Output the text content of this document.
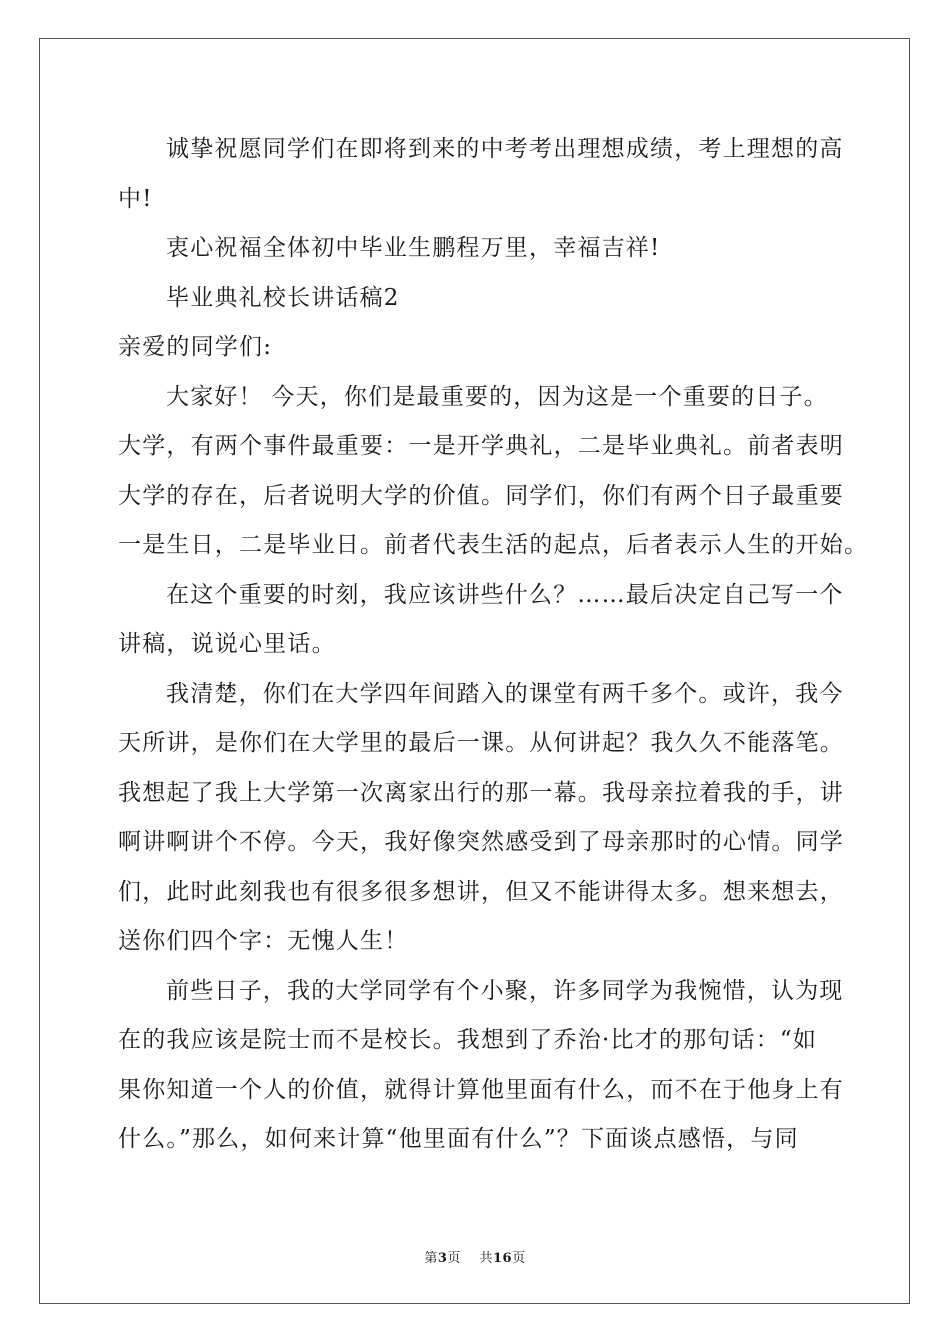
诚挚祝愿同学们在即将到来的中考考出理想成绩，考上理想的高
中!
衷心祝福全体初中毕业生鹏程万里，幸福吉祥!
毕业典礼校长讲话稿2
亲爱的同学们:
大家好！ 今天，你们是最重要的，因为这是一个重要的日子。
大学，有两个事件最重要：一是开学典礼，二是毕业典礼。前者表明
大学的存在，后者说明大学的价值。同学们，你们有两个日子最重要
一是生日，二是毕业日。前者代表生活的起点，后者表示人生的开始。
在这个重要的时刻，我应该讲些什么？……最后决定自己写一个
讲稿，说说心里话。
我清楚，你们在大学四年间踏入的课堂有两千多个。或许，我今
天所讲，是你们在大学里的最后一课。从何讲起？我久久不能落笔。
我想起了我上大学第一次离家出行的那一幕。我母亲拉着我的手，讲
啊讲啊讲个不停。今天，我好像突然感受到了母亲那时的心情。同学
们，此时此刻我也有很多很多想讲，但又不能讲得太多。想来想去，
送你们四个字：无愧人生！
前些日子，我的大学同学有个小聚，许多同学为我惋惜，认为现
在的我应该是院士而不是校长。我想到了乔治·比才的那句话：“如
果你知道一个人的价值，就得计算他里面有什么，而不在于他身上有
什么。”那么，如何来计算“他里面有什么”？下面谈点感悟，与同
第3页 共16页
